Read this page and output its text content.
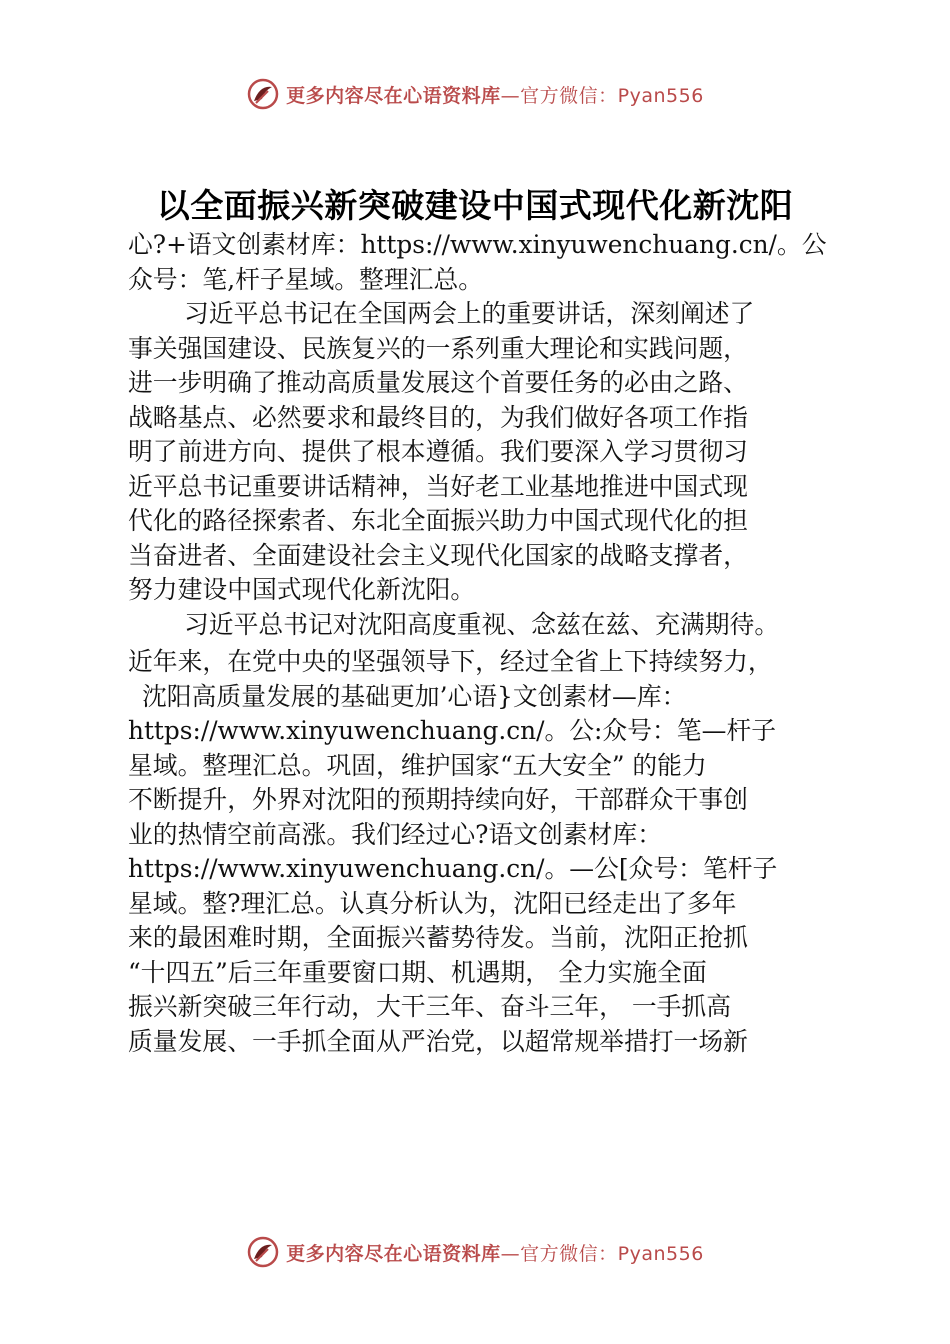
更多内容尽在心语资料库—官方微信：Pyan556
以全面振兴新突破建设中国式现代化新沈阳
心?+语文创素材库：https://www.xinyuwenchuang.cn/。公
众号：笔,杆子星域。整理汇总。
习近平总书记在全国两会上的重要讲话，深刻阐述了
事关强国建设、民族复兴的一系列重大理论和实践问题，
进一步明确了推动高质量发展这个首要任务的必由之路、
战略基点、必然要求和最终目的，为我们做好各项工作指
明了前进方向、提供了根本遵循。我们要深入学习贯彻习
近平总书记重要讲话精神，当好老工业基地推进中国式现
代化的路径探索者、东北全面振兴助力中国式现代化的担
当奋进者、全面建设社会主义现代化国家的战略支撑者，
努力建设中国式现代化新沈阳。
习近平总书记对沈阳高度重视、念兹在兹、充满期待。
近年来，在党中央的坚强领导下，经过全省上下持续努力，
沈阳高质量发展的基础更加’心语}文创素材—库：
https://www.xinyuwenchuang.cn/。公:众号：笔—杆子
星域。整理汇总。巩固，维护国家“五大安全” 的能力
不断提升，外界对沈阳的预期持续向好，干部群众干事创
业的热情空前高涨。我们经过心?语文创素材库：
https://www.xinyuwenchuang.cn/。—公[众号：笔杆子
星域。整?理汇总。认真分析认为，沈阳已经走出了多年
来的最困难时期，全面振兴蓄势待发。当前，沈阳正抢抓
“十四五”后三年重要窗口期、机遇期， 全力实施全面
振兴新突破三年行动，大干三年、奋斗三年， 一手抓高
质量发展、一手抓全面从严治党，以超常规举措打一场新
更多内容尽在心语资料库—官方微信：Pyan556
